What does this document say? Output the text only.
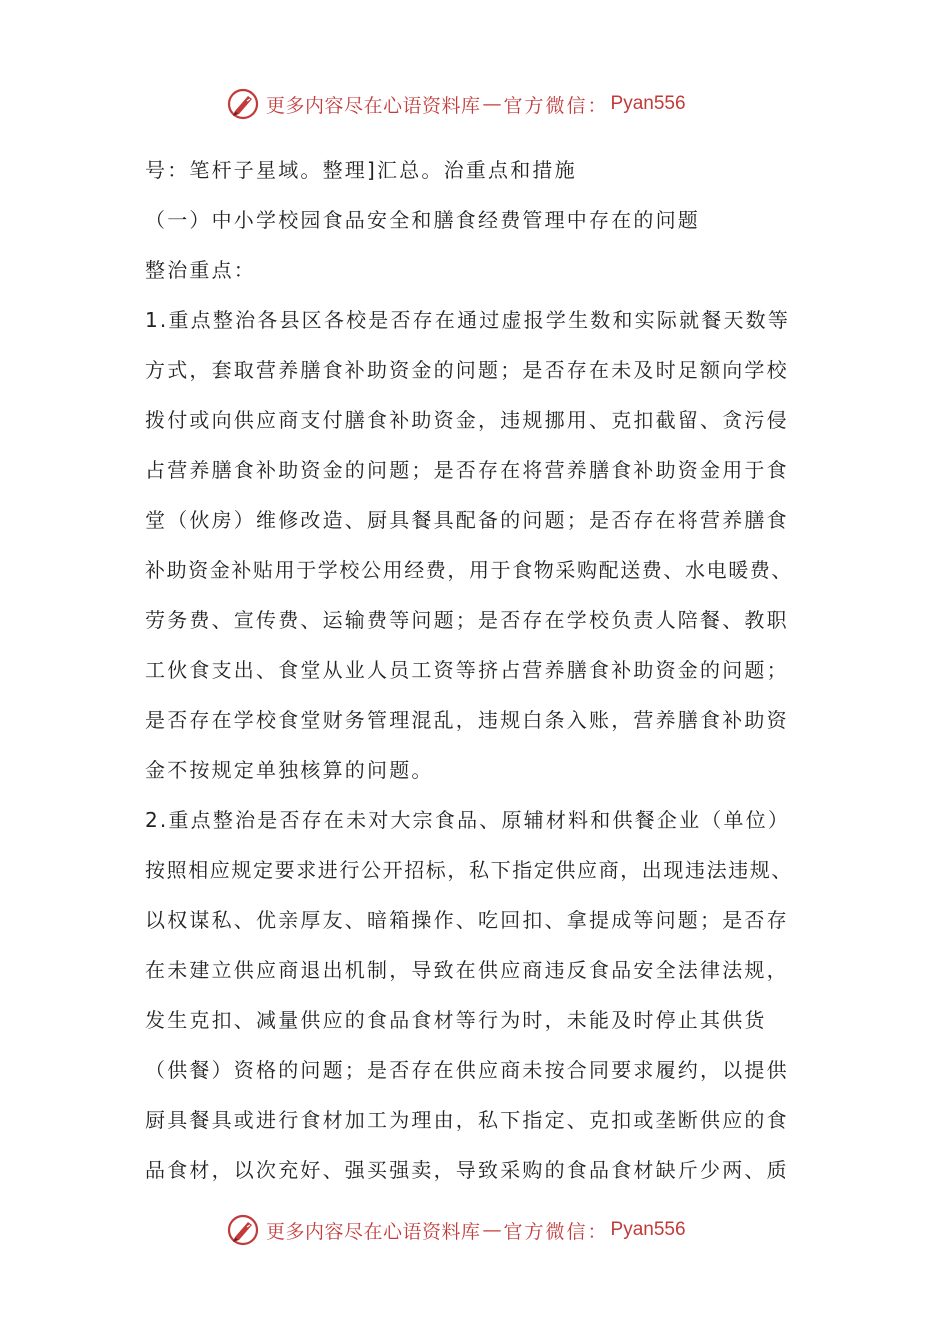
更多内容尽在心语资料库 — 官方微信： Pyan556
号：笔杆子星域。整理]汇总。治重点和措施
（一）中小学校园食品安全和膳食经费管理中存在的问题
整治重点：
1.重点整治各县区各校是否存在通过虚报学生数和实际就餐天数等
方式，套取营养膳食补助资金的问题；是否存在未及时足额向学校
拨付或向供应商支付膳食补助资金，违规挪用、克扣截留、贪污侵
占营养膳食补助资金的问题；是否存在将营养膳食补助资金用于食
堂（伙房）维修改造、厨具餐具配备的问题；是否存在将营养膳食
补助资金补贴用于学校公用经费，用于食物采购配送费、水电暖费、
劳务费、宣传费、运输费等问题；是否存在学校负责人陪餐、教职
工伙食支出、食堂从业人员工资等挤占营养膳食补助资金的问题；
是否存在学校食堂财务管理混乱，违规白条入账，营养膳食补助资
金不按规定单独核算的问题。
2.重点整治是否存在未对大宗食品、原辅材料和供餐企业（单位）
按照相应规定要求进行公开招标，私下指定供应商，出现违法违规、
以权谋私、优亲厚友、暗箱操作、吃回扣、拿提成等问题；是否存
在未建立供应商退出机制，导致在供应商违反食品安全法律法规，
发生克扣、减量供应的食品食材等行为时，未能及时停止其供货
（供餐）资格的问题；是否存在供应商未按合同要求履约，以提供
厨具餐具或进行食材加工为理由，私下指定、克扣或垄断供应的食
品食材，以次充好、强买强卖，导致采购的食品食材缺斤少两、质
更多内容尽在心语资料库 — 官方微信： Pyan556
